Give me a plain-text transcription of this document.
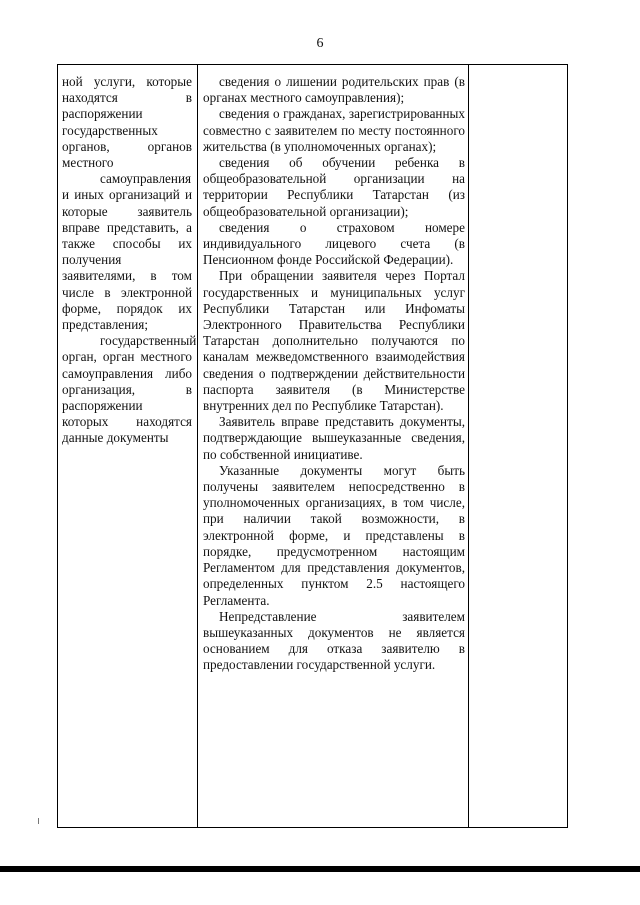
6

ной услуги, которые находятся в распоряжении государственных органов, органов местного

самоуправления и иных организаций и которые заявитель вправе представить, а также способы их получения заявителями, в том числе в электронной форме, порядок их представления;

государственный орган, орган местного самоуправления либо организация, в распоряжении которых находятся данные документы

сведения о лишении родительских прав (в органах местного самоуправления);

сведения о гражданах, зарегистрированных совместно с заявителем по месту постоянного жительства (в уполномоченных органах);

сведения об обучении ребенка в общеобразовательной организации на территории Республики Татарстан (из общеобразовательной организации);

сведения о страховом номере индивидуального лицевого счета (в Пенсионном фонде Российской Федерации).

При обращении заявителя через Портал государственных и муниципальных услуг Республики Татарстан или Инфоматы Электронного Правительства Республики Татарстан дополнительно получаются по каналам межведомственного взаимодействия сведения о подтверждении действительности паспорта заявителя (в Министерстве внутренних дел по Республике Татарстан).

Заявитель вправе представить документы, подтверждающие вышеуказанные сведения, по собственной инициативе.

Указанные документы могут быть получены заявителем непосредственно в уполномоченных организациях, в том числе, при наличии такой возможности, в электронной форме, и представлены в порядке, предусмотренном настоящим Регламентом для представления документов, определенных пунктом 2.5 настоящего Регламента.

Непредставление заявителем вышеуказанных документов не является основанием для отказа заявителю в предоставлении государственной услуги.
